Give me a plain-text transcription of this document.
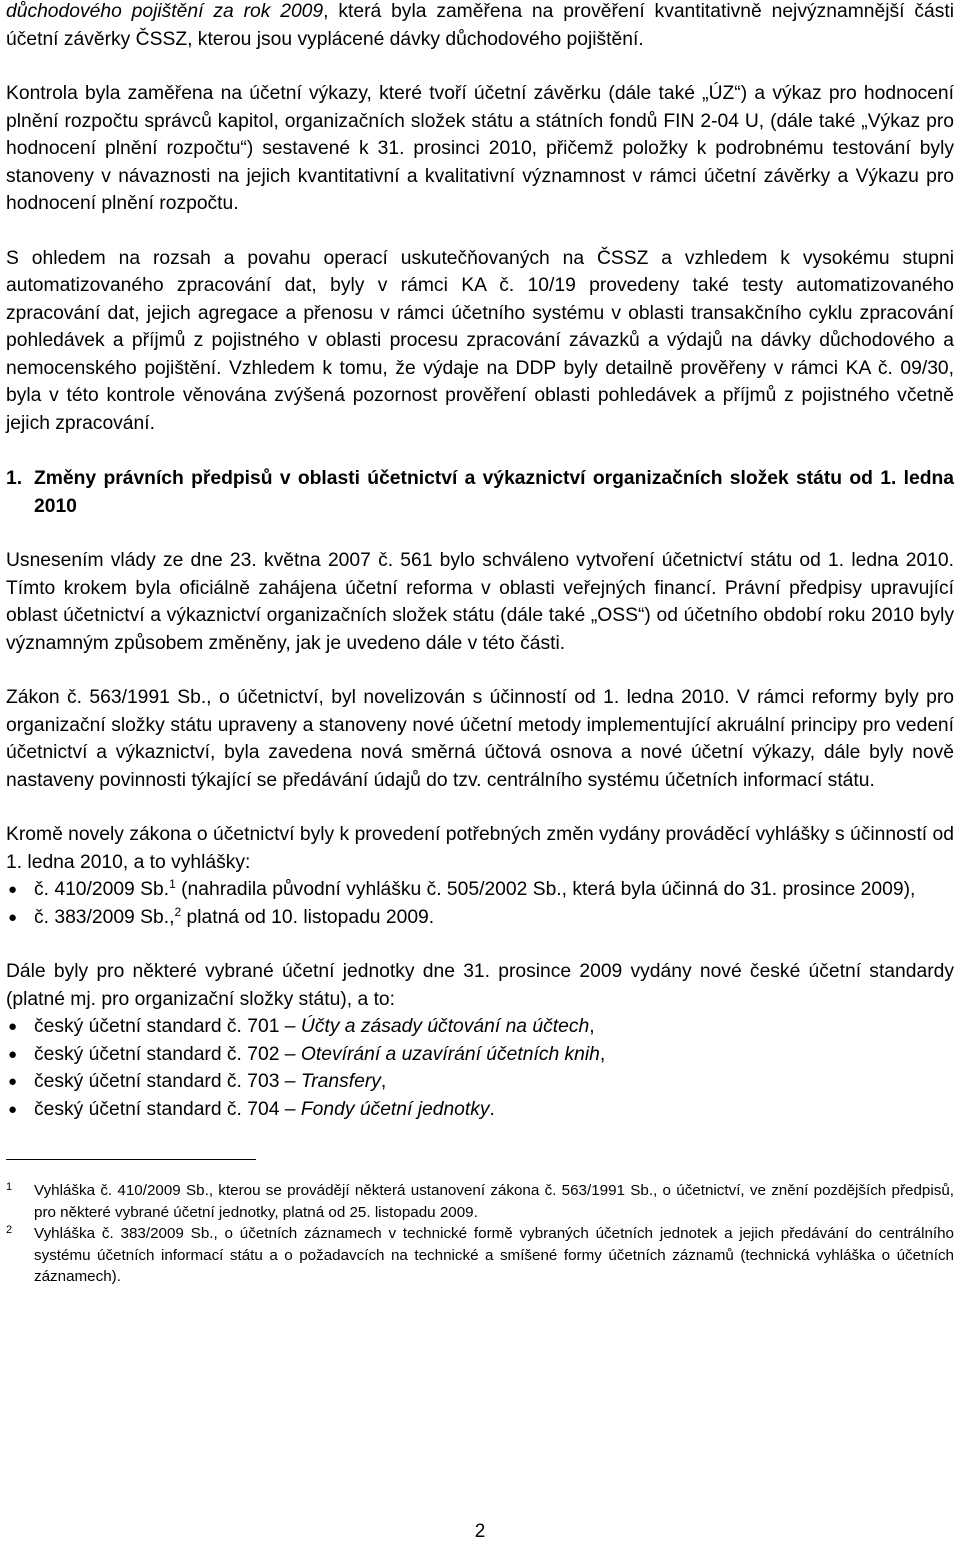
důchodového pojištění za rok 2009, která byla zaměřena na prověření kvantitativně nejvýznamnější části účetní závěrky ČSSZ, kterou jsou vyplácené dávky důchodového pojištění.

Kontrola byla zaměřena na účetní výkazy, které tvoří účetní závěrku (dále také „ÚZ“) a výkaz pro hodnocení plnění rozpočtu správců kapitol, organizačních složek státu a státních fondů FIN 2-04 U, (dále také „Výkaz pro hodnocení plnění rozpočtu“) sestavené k 31. prosinci 2010, přičemž položky k podrobnému testování byly stanoveny v návaznosti na jejich kvantitativní a kvalitativní významnost v rámci účetní závěrky a Výkazu pro hodnocení plnění rozpočtu.

S ohledem na rozsah a povahu operací uskutečňovaných na ČSSZ a vzhledem k vysokému stupni automatizovaného zpracování dat, byly v rámci KA č. 10/19 provedeny také testy automatizovaného zpracování dat, jejich agregace a přenosu v rámci účetního systému v oblasti transakčního cyklu zpracování pohledávek a příjmů z pojistného v oblasti procesu zpracování závazků a výdajů na dávky důchodového a nemocenského pojištění. Vzhledem k tomu, že výdaje na DDP byly detailně prověřeny v rámci KA č. 09/30, byla v této kontrole věnována zvýšená pozornost prověření oblasti pohledávek a příjmů z pojistného včetně jejich zpracování.

1. Změny právních předpisů v oblasti účetnictví a výkaznictví organizačních složek státu od 1. ledna 2010

Usnesením vlády ze dne 23. května 2007 č. 561 bylo schváleno vytvoření účetnictví státu od 1. ledna 2010. Tímto krokem byla oficiálně zahájena účetní reforma v oblasti veřejných financí. Právní předpisy upravující oblast účetnictví a výkaznictví organizačních složek státu (dále také „OSS“) od účetního období roku 2010 byly významným způsobem změněny, jak je uvedeno dále v této části.

Zákon č. 563/1991 Sb., o účetnictví, byl novelizován s účinností od 1. ledna 2010. V rámci reformy byly pro organizační složky státu upraveny a stanoveny nové účetní metody implementující akruální principy pro vedení účetnictví a výkaznictví, byla zavedena nová směrná účtová osnova a nové účetní výkazy, dále byly nově nastaveny povinnosti týkající se předávání údajů do tzv. centrálního systému účetních informací státu.

Kromě novely zákona o účetnictví byly k provedení potřebných změn vydány prováděcí vyhlášky s účinností od 1. ledna 2010, a to vyhlášky:

● č. 410/2009 Sb.$^1$ (nahradila původní vyhlášku č. 505/2002 Sb., která byla účinná do 31. prosince 2009),
● č. 383/2009 Sb.,$^2$ platná od 10. listopadu 2009.

Dále byly pro některé vybrané účetní jednotky dne 31. prosince 2009 vydány nové české účetní standardy (platné mj. pro organizační složky státu), a to:

● český účetní standard č. 701 – Účty a zásady účtování na účtech,
● český účetní standard č. 702 – Otevírání a uzavírání účetních knih,
● český účetní standard č. 703 – Transfery,
● český účetní standard č. 704 – Fondy účetní jednotky.
1	Vyhláška č. 410/2009 Sb., kterou se provádějí některá ustanovení zákona č. 563/1991 Sb., o účetnictví, ve znění pozdějších předpisů, pro některé vybrané účetní jednotky, platná od 25. listopadu 2009.
2	Vyhláška č. 383/2009 Sb., o účetních záznamech v technické formě vybraných účetních jednotek a jejich předávání do centrálního systému účetních informací státu a o požadavcích na technické a smíšené formy účetních záznamů (technická vyhláška o účetních záznamech).
2
